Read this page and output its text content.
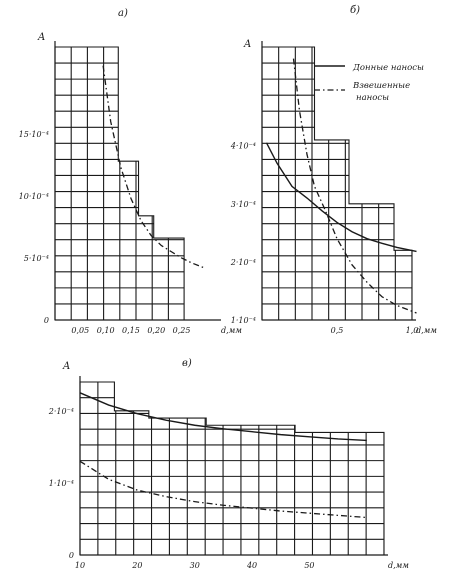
а)	б)
в)
A
A
A
Донные наносы
Взвешенные
наносы
0
5·10⁻⁴
10·10⁻⁴
15·10⁻⁴
0,05 0,10 0,15 0,20 0,25	d,мм
1·10⁻⁴
2·10⁻⁴
3·10⁻⁴
4·10⁻⁴
0,5	1,0
d,мм
0
1·10⁻⁴
2·10⁻⁴
10	20	30	40	50	d,мм
